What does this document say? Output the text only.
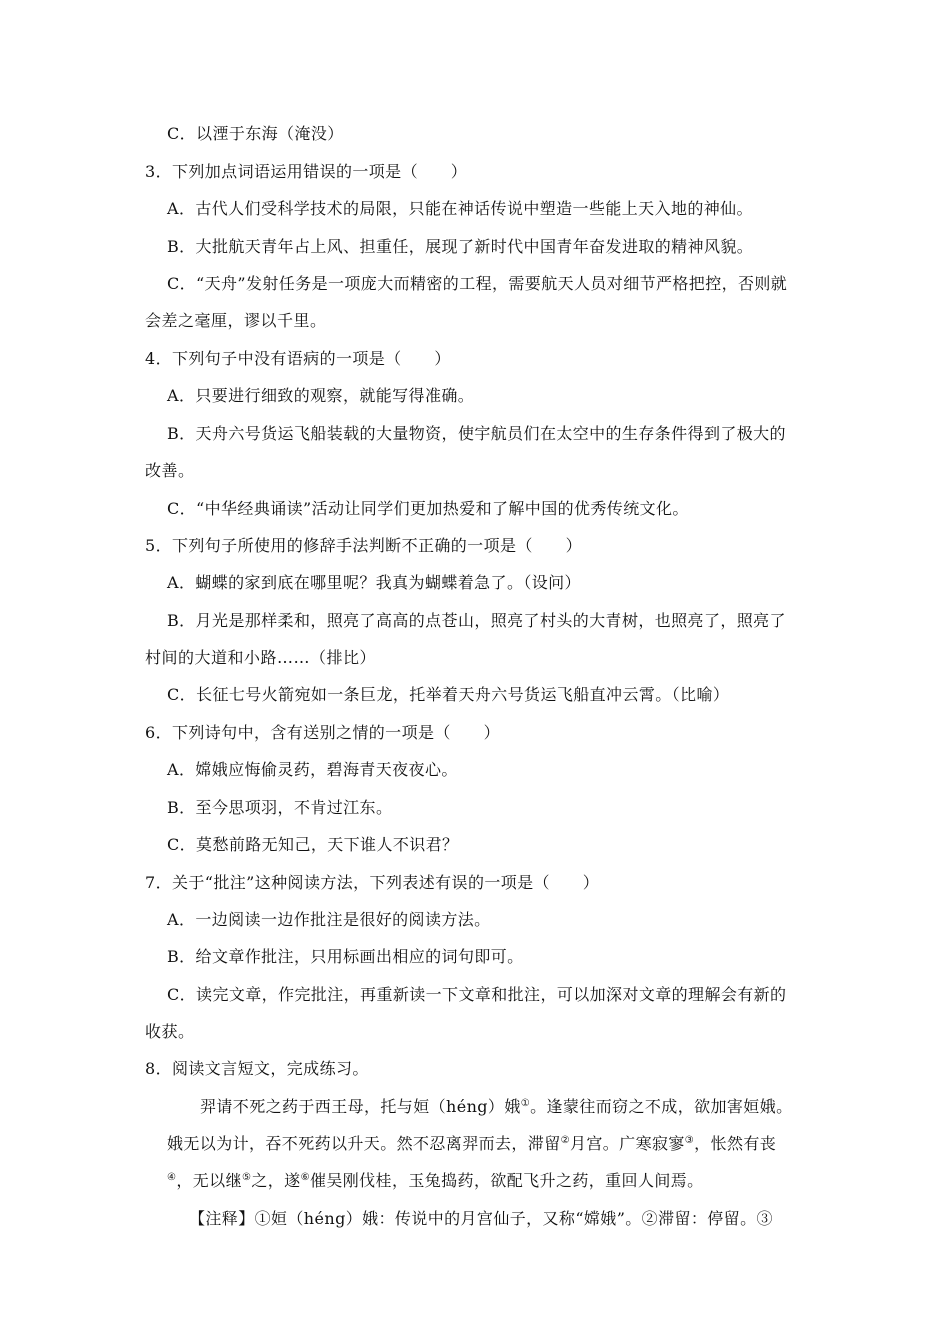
C．以湮于东海（淹没）
3．下列加点词语运用错误的一项是（　　）
A．古代人们受科学技术的局限，只能在神话传说中塑造一些能上天入地的神仙。
B．大批航天青年占上风、担重任，展现了新时代中国青年奋发进取的精神风貌。
C．“天舟”发射任务是一项庞大而精密的工程，需要航天人员对细节严格把控，否则就
会差之毫厘，谬以千里。
4．下列句子中没有语病的一项是（　　）
A．只要进行细致的观察，就能写得准确。
B．天舟六号货运飞船装载的大量物资，使宇航员们在太空中的生存条件得到了极大的
改善。
C．“中华经典诵读”活动让同学们更加热爱和了解中国的优秀传统文化。
5．下列句子所使用的修辞手法判断不正确的一项是（　　）
A．蝴蝶的家到底在哪里呢？我真为蝴蝶着急了。（设问）
B．月光是那样柔和，照亮了高高的点苍山，照亮了村头的大青树，也照亮了，照亮了
村间的大道和小路……（排比）
C．长征七号火箭宛如一条巨龙，托举着天舟六号货运飞船直冲云霄。（比喻）
6．下列诗句中，含有送别之情的一项是（　　）
A．嫦娥应悔偷灵药，碧海青天夜夜心。
B．至今思项羽，不肯过江东。
C．莫愁前路无知己，天下谁人不识君？
7．关于“批注”这种阅读方法，下列表述有误的一项是（　　）
A．一边阅读一边作批注是很好的阅读方法。
B．给文章作批注，只用标画出相应的词句即可。
C．读完文章，作完批注，再重新读一下文章和批注，可以加深对文章的理解会有新的
收获。
8．阅读文言短文，完成练习。
羿请不死之药于西王母，托与姮（héng）娥①。逢蒙往而窃之不成，欲加害姮娥。
娥无以为计，吞不死药以升天。然不忍离羿而去，滞留②月宫。广寒寂寥③，怅然有丧
④，无以继⑤之，遂⑥催吴刚伐桂，玉兔捣药，欲配飞升之药，重回人间焉。
【注释】①姮（héng）娥：传说中的月宫仙子，又称“嫦娥”。②滞留：停留。③
